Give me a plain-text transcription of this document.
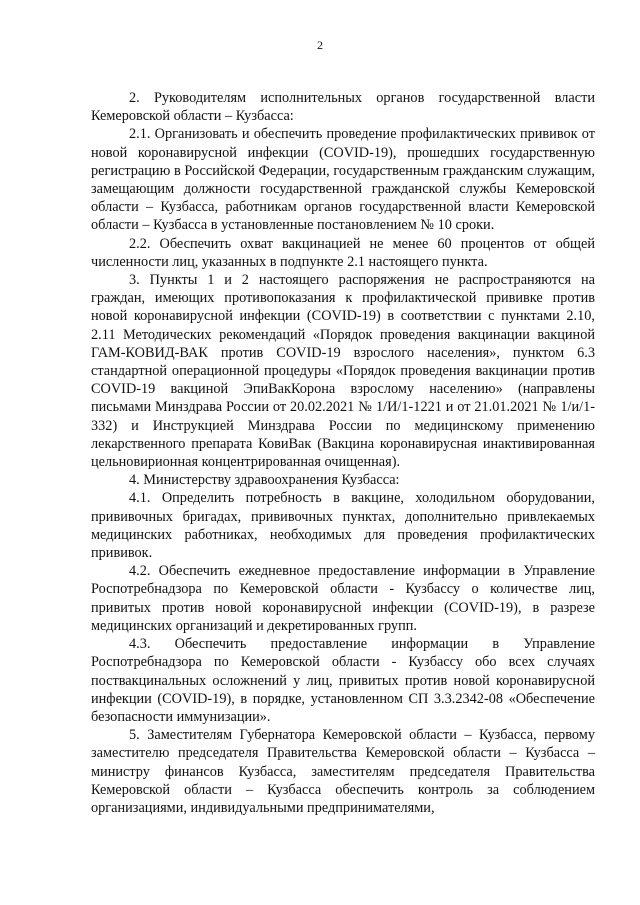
2

2. Руководителям исполнительных органов государственной власти Кемеровской области – Кузбасса:

2.1. Организовать и обеспечить проведение профилактических прививок от новой коронавирусной инфекции (COVID-19), прошедших государственную регистрацию в Российской Федерации, государственным гражданским служащим, замещающим должности государственной гражданской службы Кемеровской области – Кузбасса, работникам органов государственной власти Кемеровской области – Кузбасса в установленные постановлением № 10 сроки.

2.2. Обеспечить охват вакцинацией не менее 60 процентов от общей численности лиц, указанных в подпункте 2.1 настоящего пункта.

3. Пункты 1 и 2 настоящего распоряжения не распространяются на граждан, имеющих противопоказания к профилактической прививке против новой коронавирусной инфекции (COVID-19) в соответствии с пунктами 2.10, 2.11 Методических рекомендаций «Порядок проведения вакцинации вакциной ГАМ-КОВИД-ВАК против COVID-19 взрослого населения», пунктом 6.3 стандартной операционной процедуры «Порядок проведения вакцинации против COVID-19 вакциной ЭпиВакКорона взрослому населению» (направлены письмами Минздрава России от 20.02.2021 № 1/И/1-1221 и от 21.01.2021 № 1/и/1-332) и Инструкцией Минздрава России по медицинскому применению лекарственного препарата КовиВак (Вакцина коронавирусная инактивированная цельновирионная концентрированная очищенная).

4. Министерству здравоохранения Кузбасса:

4.1. Определить потребность в вакцине, холодильном оборудовании, прививочных бригадах, прививочных пунктах, дополнительно привлекаемых медицинских работниках, необходимых для проведения профилактических прививок.

4.2. Обеспечить ежедневное предоставление информации в Управление Роспотребнадзора по Кемеровской области - Кузбассу о количестве лиц, привитых против новой коронавирусной инфекции (COVID-19), в разрезе медицинских организаций и декретированных групп.

4.3. Обеспечить предоставление информации в Управление Роспотребнадзора по Кемеровской области - Кузбассу обо всех случаях поствакцинальных осложнений у лиц, привитых против новой коронавирусной инфекции (COVID-19), в порядке, установленном СП 3.3.2342-08 «Обеспечение безопасности иммунизации».

5. Заместителям Губернатора Кемеровской области – Кузбасса, первому заместителю председателя Правительства Кемеровской области – Кузбасса – министру финансов Кузбасса, заместителям председателя Правительства Кемеровской области – Кузбасса обеспечить контроль за соблюдением организациями, индивидуальными предпринимателями,
